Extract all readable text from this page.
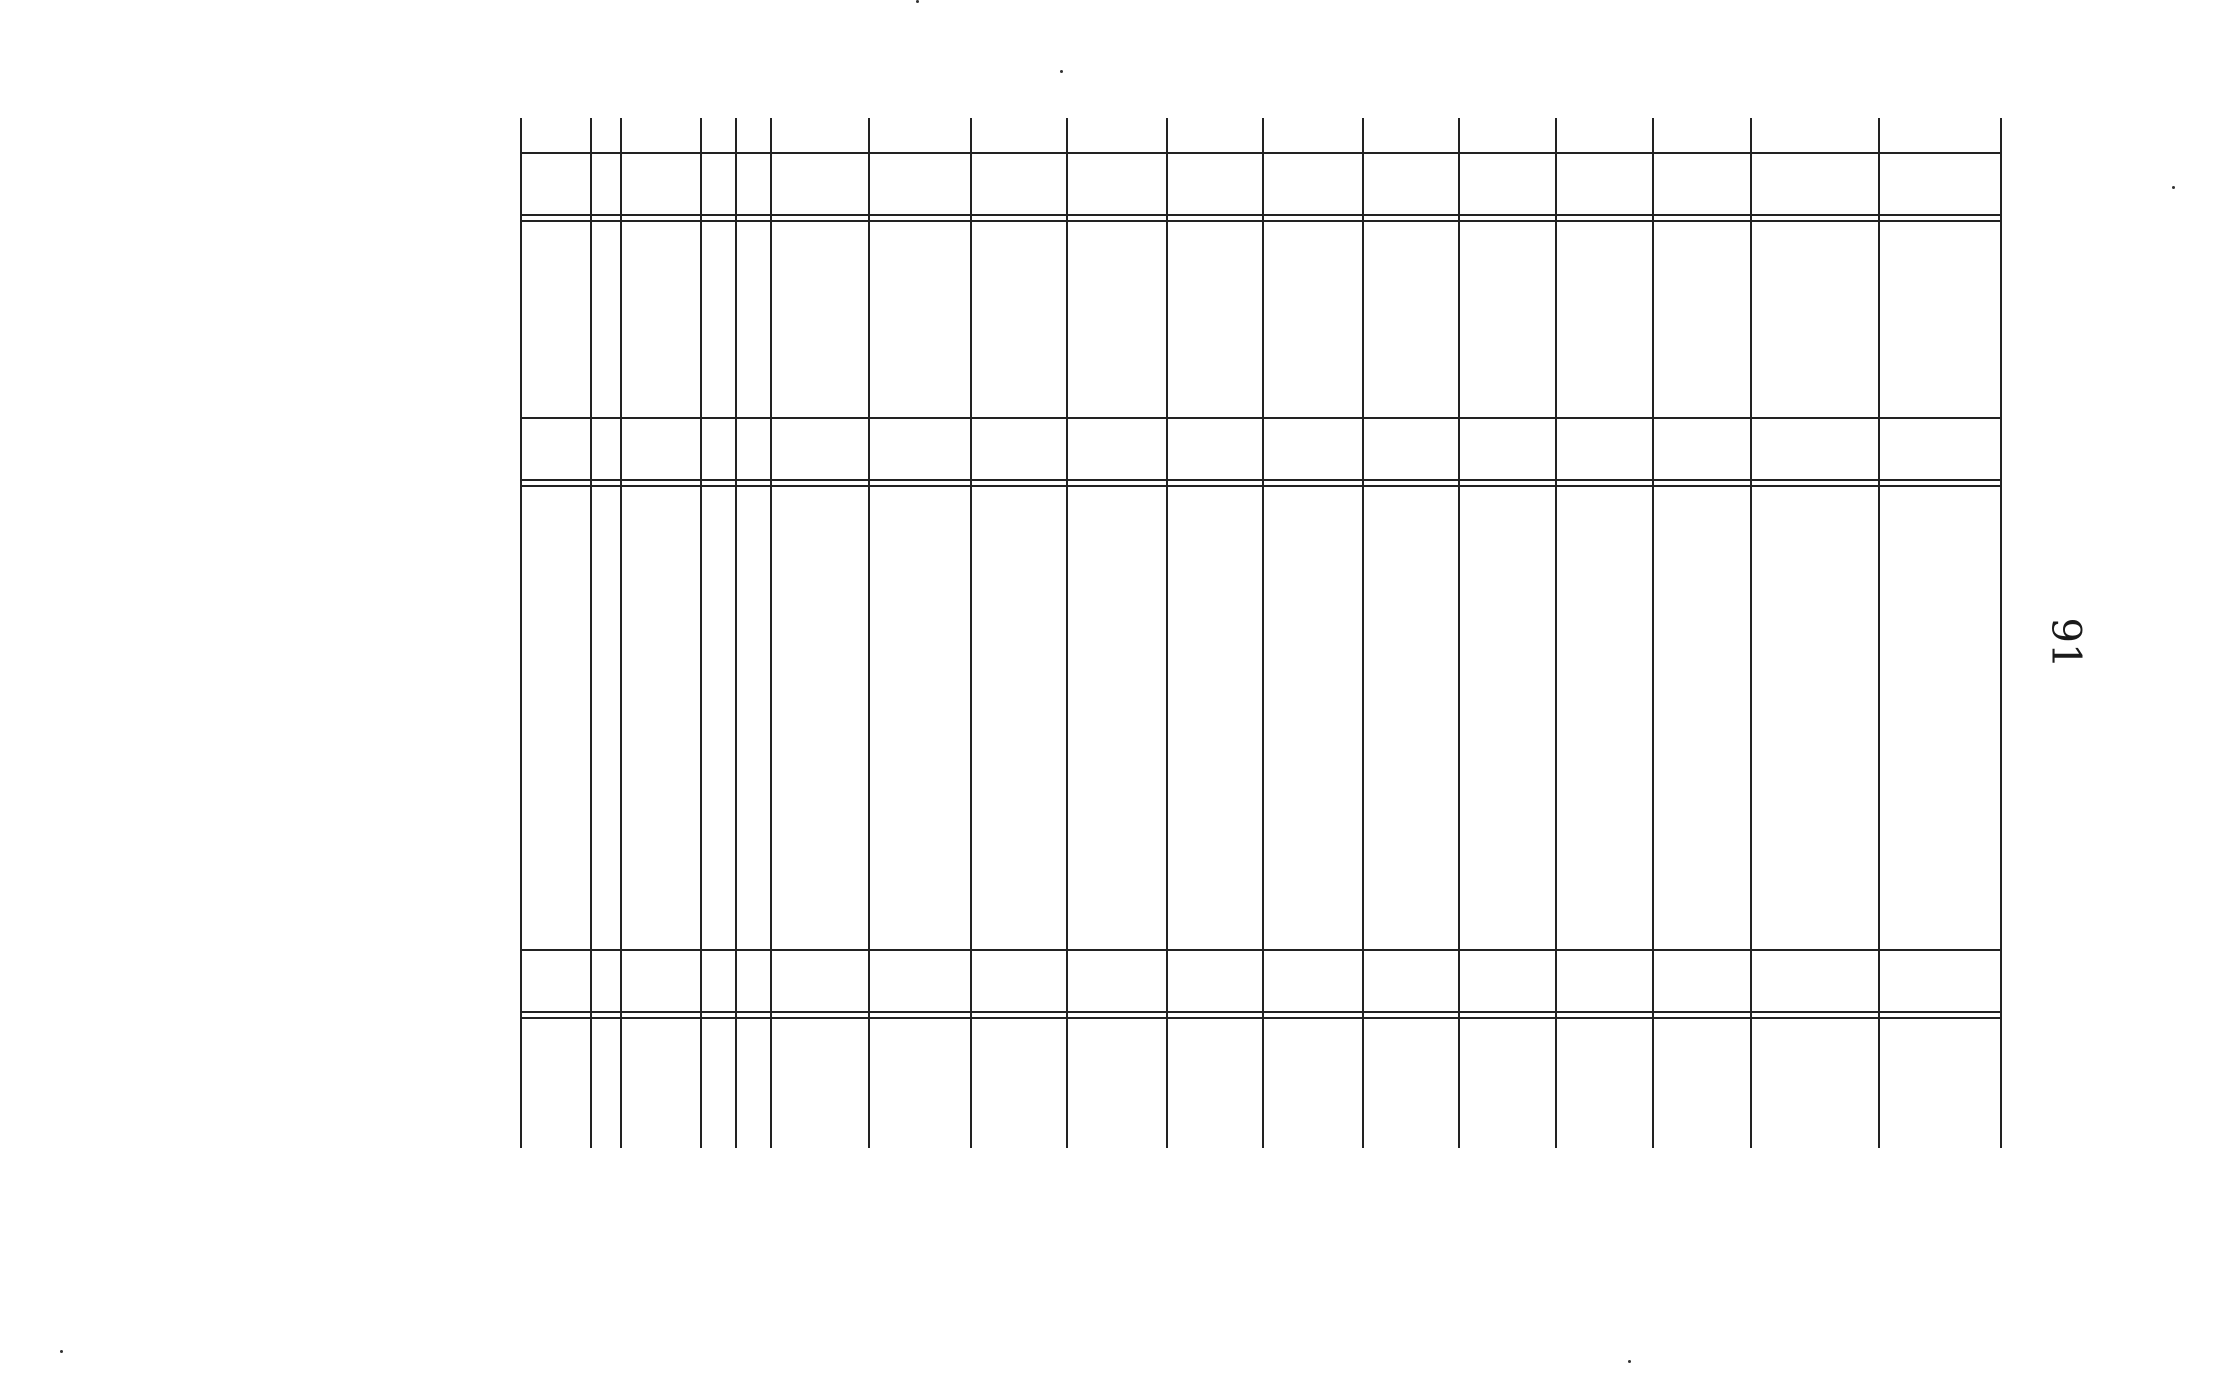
91
